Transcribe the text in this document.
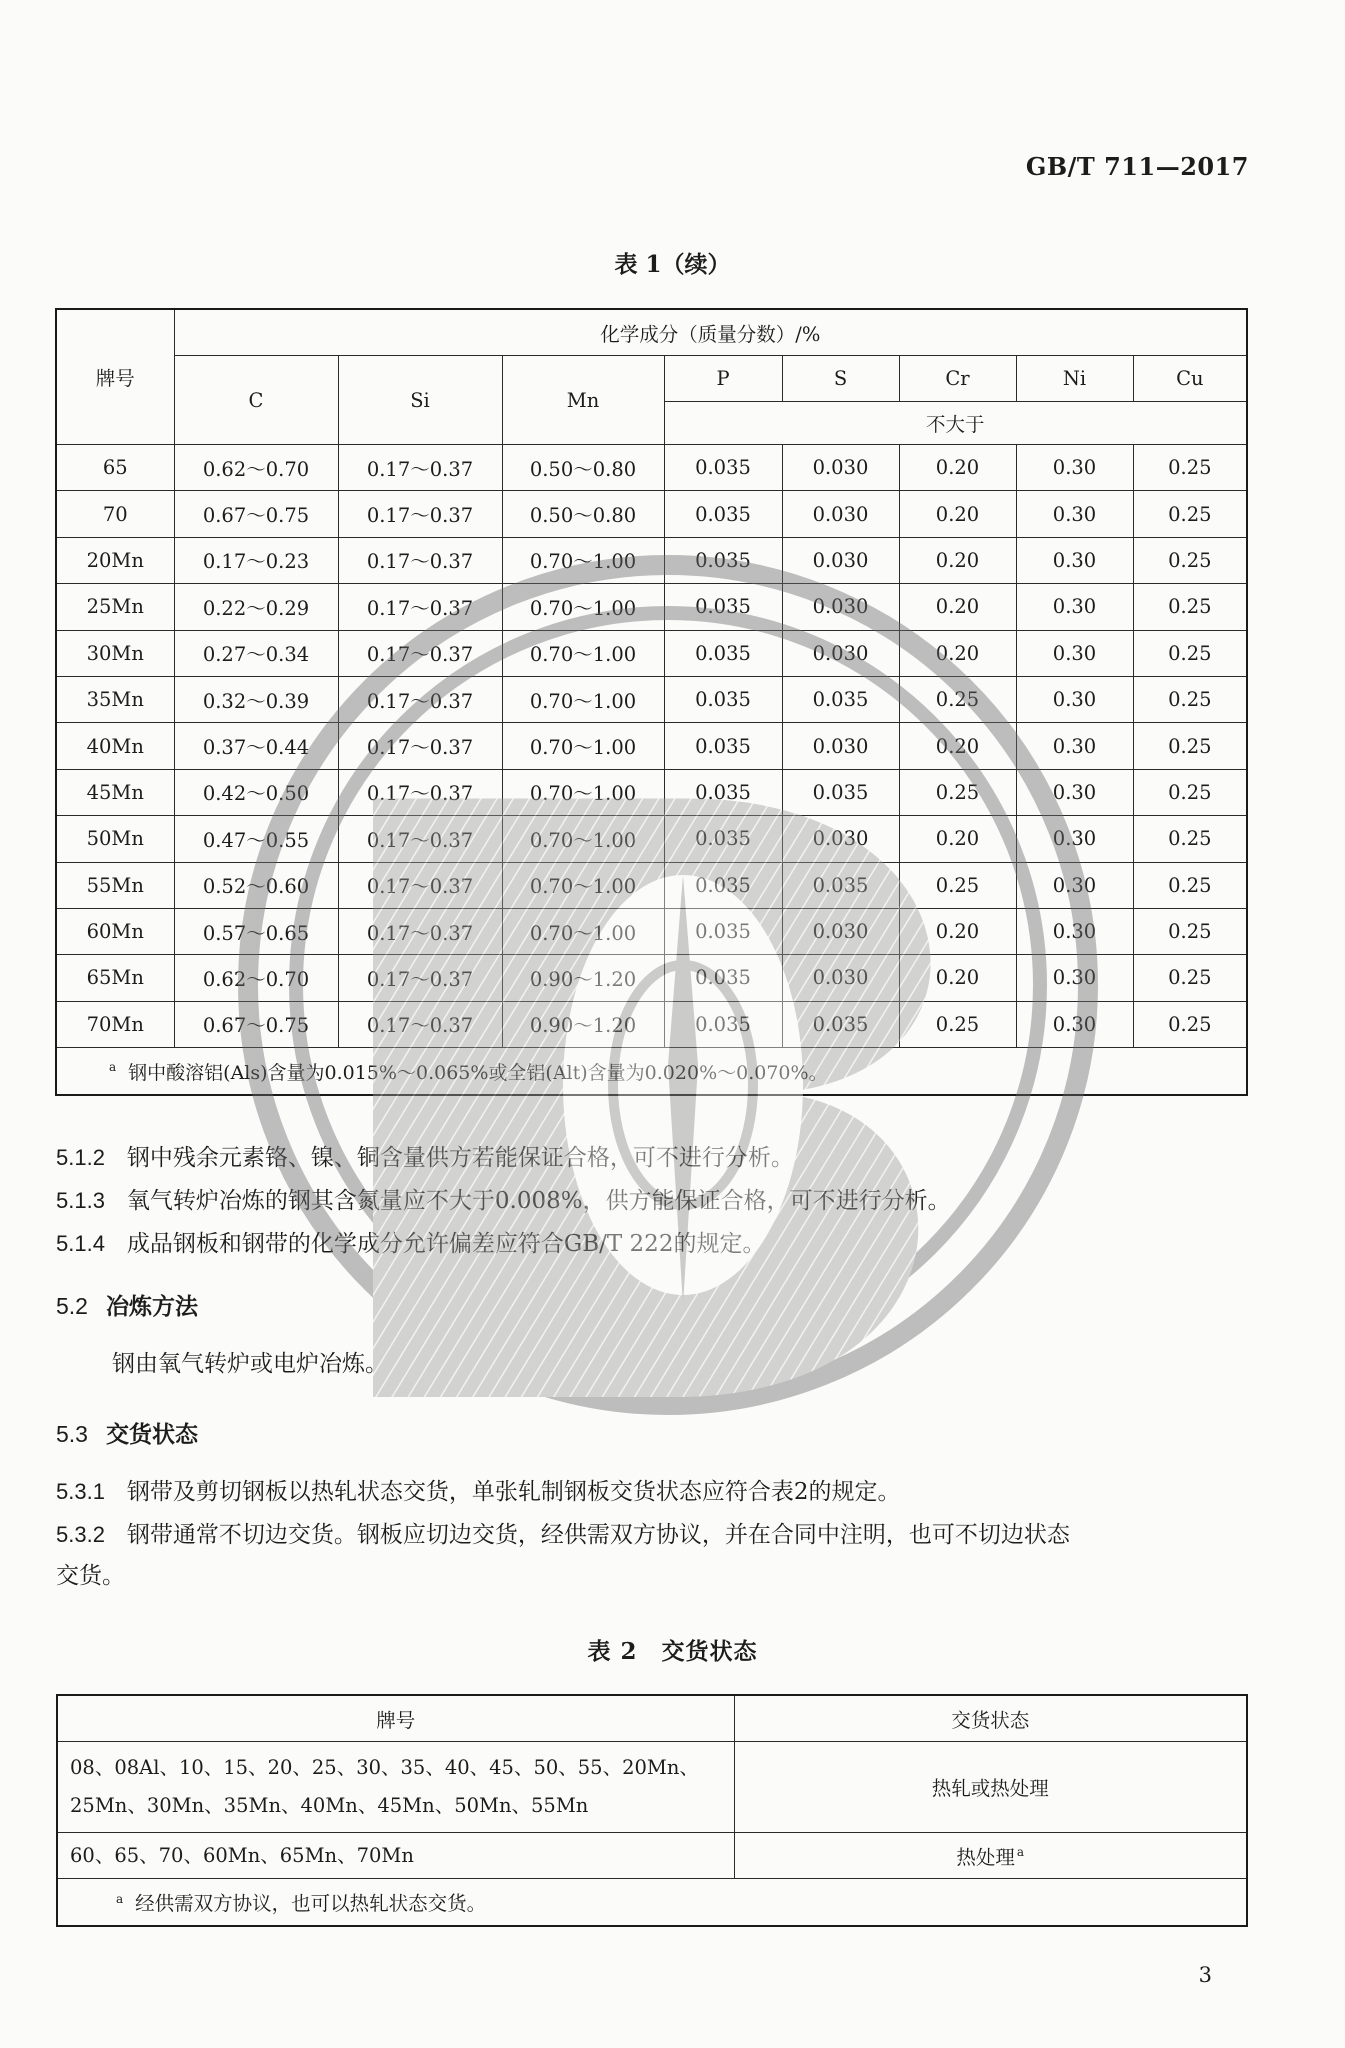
GB/T 711—2017
表 1（续）
牌号	化学成分（质量分数）/%							
	C	Si	Mn	P	S	Cr	Ni	Cu
				不大于				
65	0.62～0.70	0.17～0.37	0.50～0.80	0.035	0.030	0.20	0.30	0.25
70	0.67～0.75	0.17～0.37	0.50～0.80	0.035	0.030	0.20	0.30	0.25
20Mn	0.17～0.23	0.17～0.37	0.70～1.00	0.035	0.030	0.20	0.30	0.25
25Mn	0.22～0.29	0.17～0.37	0.70～1.00	0.035	0.030	0.20	0.30	0.25
30Mn	0.27～0.34	0.17～0.37	0.70～1.00	0.035	0.030	0.20	0.30	0.25
35Mn	0.32～0.39	0.17～0.37	0.70～1.00	0.035	0.035	0.25	0.30	0.25
40Mn	0.37～0.44	0.17～0.37	0.70～1.00	0.035	0.030	0.20	0.30	0.25
45Mn	0.42～0.50	0.17～0.37	0.70～1.00	0.035	0.035	0.25	0.30	0.25
50Mn	0.47～0.55	0.17～0.37	0.70～1.00	0.035	0.030	0.20	0.30	0.25
55Mn	0.52～0.60	0.17～0.37	0.70～1.00	0.035	0.035	0.25	0.30	0.25
60Mn	0.57～0.65	0.17～0.37	0.70～1.00	0.035	0.030	0.20	0.30	0.25
65Mn	0.62～0.70	0.17～0.37	0.90～1.20	0.035	0.030	0.20	0.30	0.25
70Mn	0.67～0.75	0.17～0.37	0.90～1.20	0.035	0.035	0.25	0.30	0.25
$^a$ 钢中酸溶铝(Als)含量为0.015%～0.065%或全铝(Alt)含量为0.020%～0.070%。								
5.1.2 钢中残余元素铬、镍、铜含量供方若能保证合格，可不进行分析。
5.1.3 氧气转炉冶炼的钢其含氮量应不大于0.008%，供方能保证合格，可不进行分析。
5.1.4 成品钢板和钢带的化学成分允许偏差应符合GB/T 222的规定。
5.2 冶炼方法
钢由氧气转炉或电炉冶炼。
5.3 交货状态
5.3.1 钢带及剪切钢板以热轧状态交货，单张轧制钢板交货状态应符合表2的规定。
5.3.2 钢带通常不切边交货。钢板应切边交货，经供需双方协议，并在合同中注明，也可不切边状态
交货。
表 2　交货状态
牌号	交货状态
08、08Al、10、15、20、25、30、35、40、45、50、55、20Mn、25Mn、30Mn、35Mn、40Mn、45Mn、50Mn、55Mn	热轧或热处理
60、65、70、60Mn、65Mn、70Mn	热处理 $^a$
$^a$ 经供需双方协议，也可以热轧状态交货。	
3
